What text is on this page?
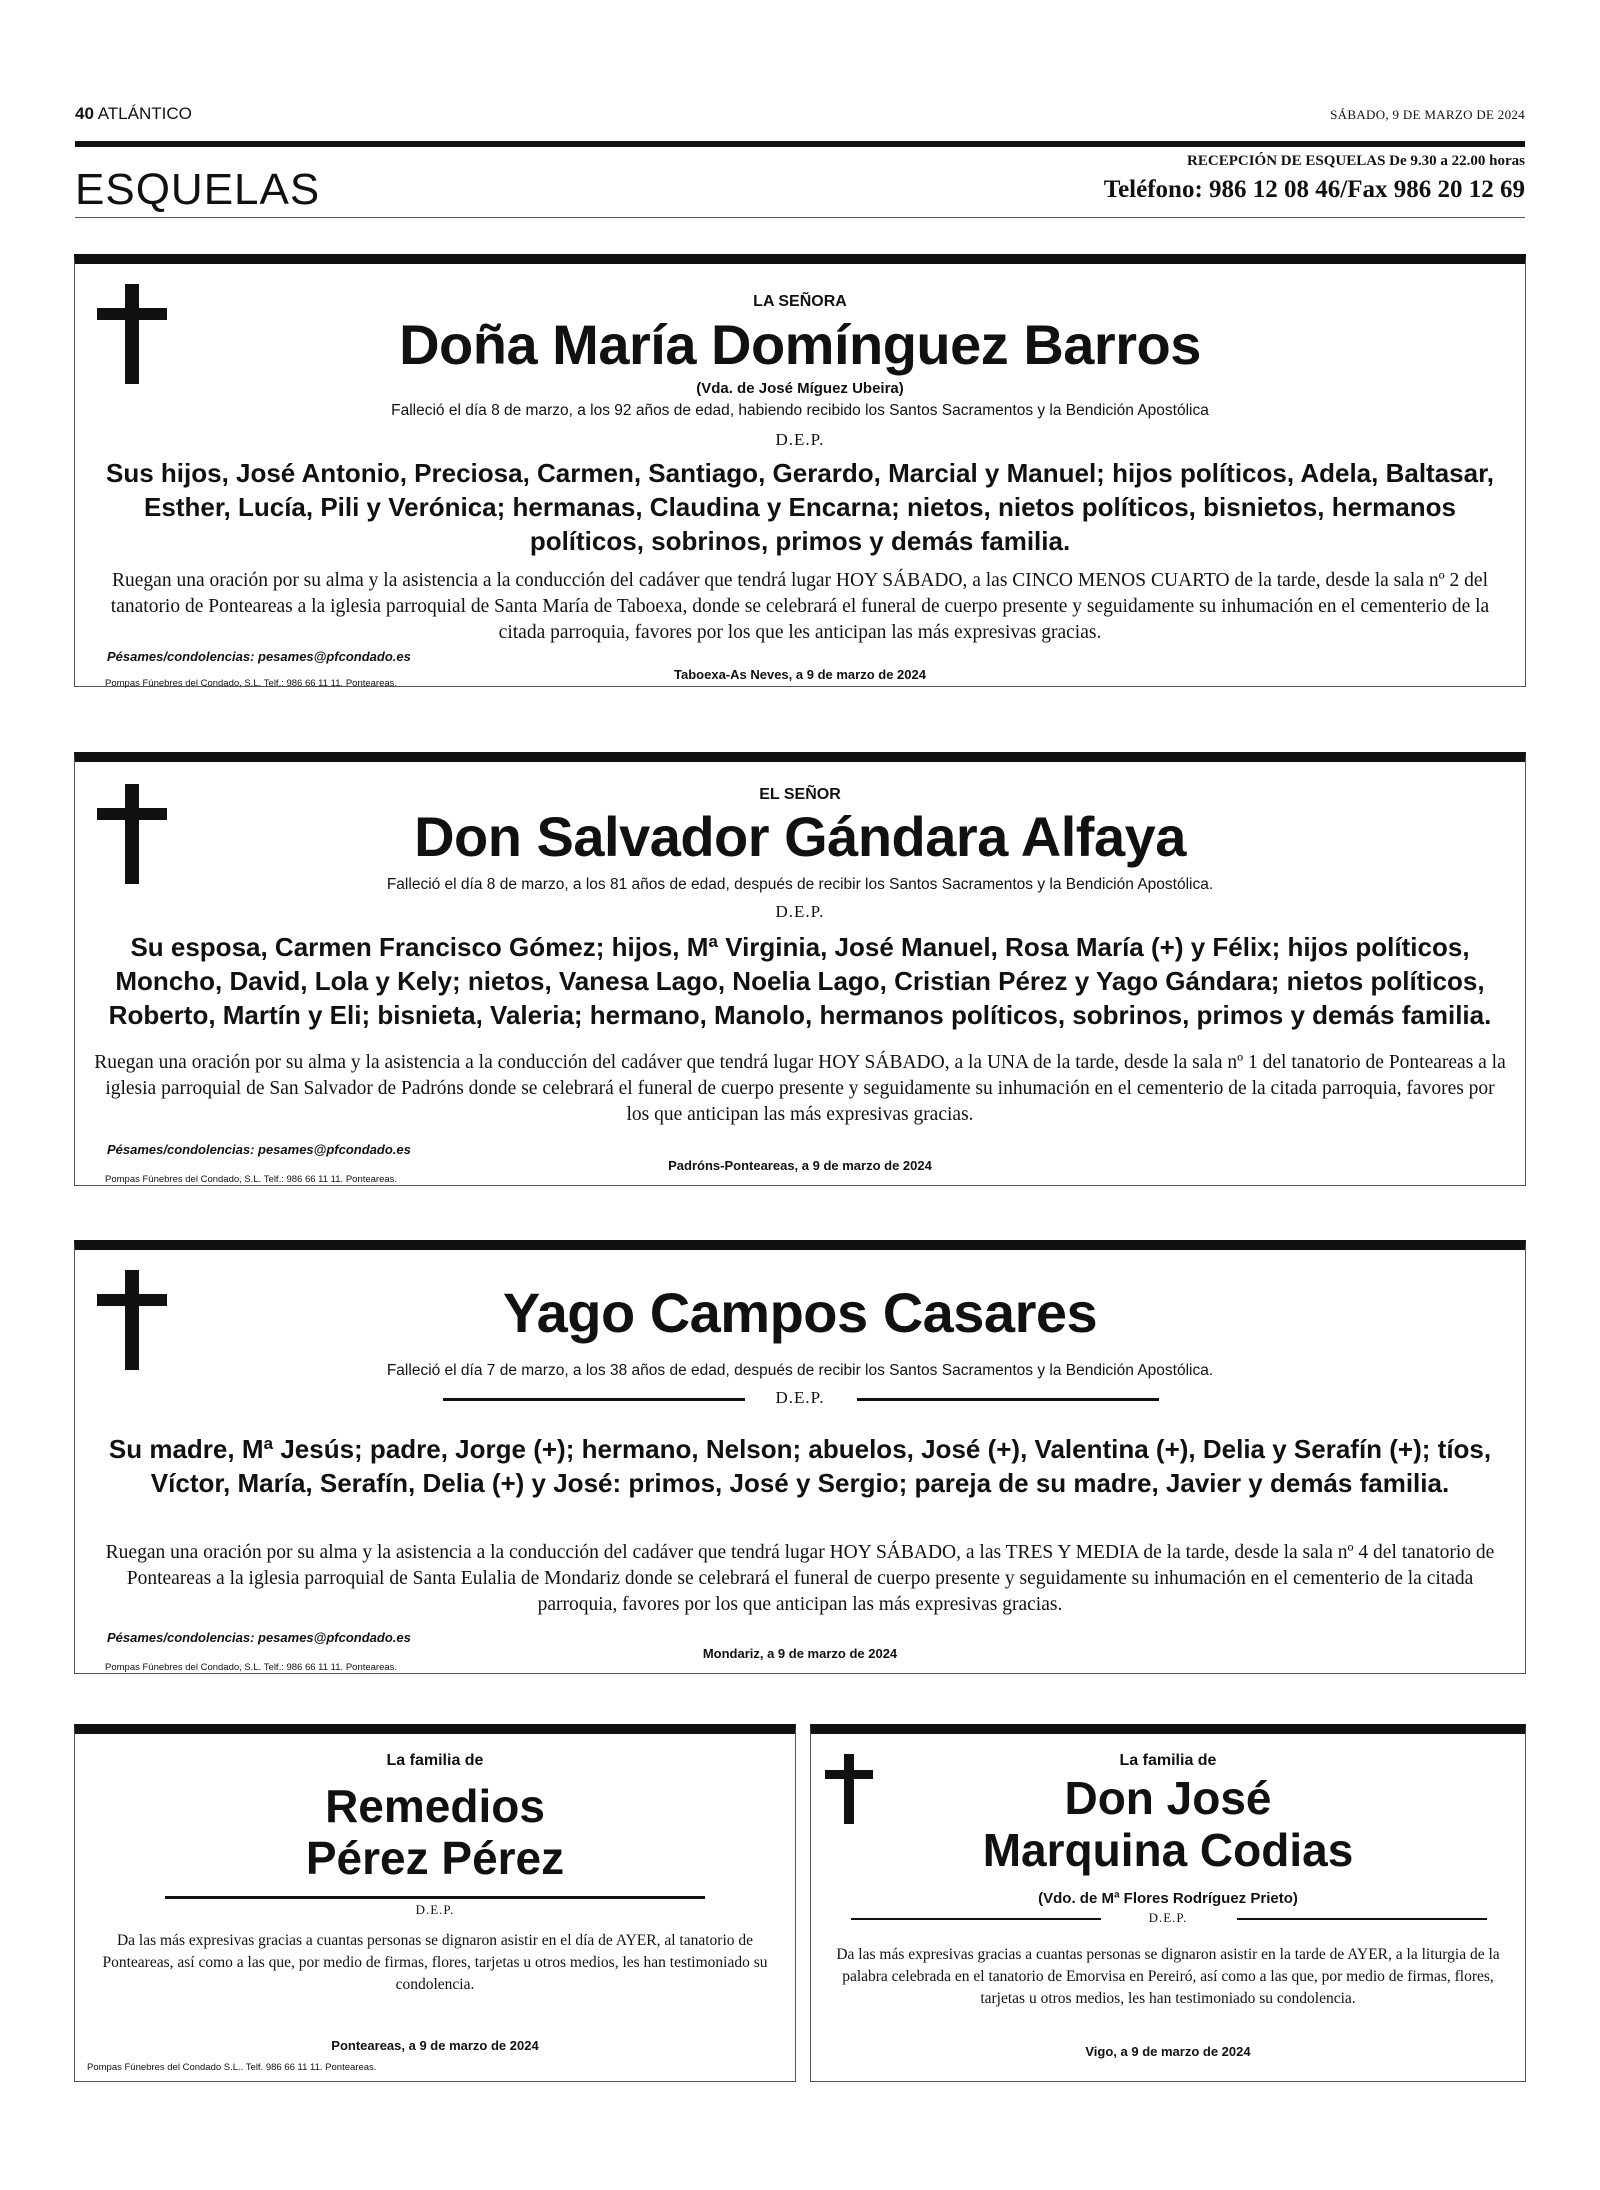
40 ATLÁNTICO	SÁBADO, 9 DE MARZO DE 2024
ESQUELAS
RECEPCIÓN DE ESQUELAS De 9.30 a 22.00 horas
Teléfono: 986 12 08 46/Fax 986 20 12 69
LA SEÑORA
Doña María Domínguez Barros
(Vda. de José Míguez Ubeira)
Falleció el día 8 de marzo, a los 92 años de edad, habiendo recibido los Santos Sacramentos y la Bendición Apostólica
D.E.P.
Sus hijos, José Antonio, Preciosa, Carmen, Santiago, Gerardo, Marcial y Manuel; hijos políticos, Adela, Baltasar, Esther, Lucía, Pili y Verónica; hermanas, Claudina y Encarna; nietos, nietos políticos, bisnietos, hermanos políticos, sobrinos, primos y demás familia.
Ruegan una oración por su alma y la asistencia a la conducción del cadáver que tendrá lugar HOY SÁBADO, a las CINCO MENOS CUARTO de la tarde, desde la sala nº 2 del tanatorio de Ponteareas a la iglesia parroquial de Santa María de Taboexa, donde se celebrará el funeral de cuerpo presente y seguidamente su inhumación en el cementerio de la citada parroquia, favores por los que les anticipan las más expresivas gracias.
Pésames/condolencias: pesames@pfcondado.es
Taboexa-As Neves, a 9 de marzo de 2024
Pompas Fúnebres del Condado, S.L. Telf.: 986 66 11 11. Ponteareas.
EL SEÑOR
Don Salvador Gándara Alfaya
Falleció el día 8 de marzo, a los 81 años de edad, después de recibir los Santos Sacramentos y la Bendición Apostólica.
D.E.P.
Su esposa, Carmen Francisco Gómez; hijos, Mª Virginia, José Manuel, Rosa María (+) y Félix; hijos políticos, Moncho, David, Lola y Kely; nietos, Vanesa Lago, Noelia Lago, Cristian Pérez y Yago Gándara; nietos políticos, Roberto, Martín y Eli; bisnieta, Valeria; hermano, Manolo, hermanos políticos, sobrinos, primos y demás familia.
Ruegan una oración por su alma y la asistencia a la conducción del cadáver que tendrá lugar HOY SÁBADO, a la UNA de la tarde, desde la sala nº 1 del tanatorio de Ponteareas a la iglesia parroquial de San Salvador de Padróns donde se celebrará el funeral de cuerpo presente y seguidamente su inhumación en el cementerio de la citada parroquia, favores por los que anticipan las más expresivas gracias.
Pésames/condolencias: pesames@pfcondado.es
Padróns-Ponteareas, a 9 de marzo de 2024
Pompas Fúnebres del Condado, S.L. Telf.: 986 66 11 11. Ponteareas.
Yago Campos Casares
Falleció el día 7 de marzo, a los 38 años de edad, después de recibir los Santos Sacramentos y la Bendición Apostólica.
D.E.P.
Su madre, Mª Jesús; padre, Jorge (+); hermano, Nelson; abuelos, José (+), Valentina (+), Delia y Serafín (+); tíos, Víctor, María, Serafín, Delia (+) y José: primos, José y Sergio; pareja de su madre, Javier y demás familia.
Ruegan una oración por su alma y la asistencia a la conducción del cadáver que tendrá lugar HOY SÁBADO, a las TRES Y MEDIA de la tarde, desde la sala nº 4 del tanatorio de Ponteareas a la iglesia parroquial de Santa Eulalia de Mondariz donde se celebrará el funeral de cuerpo presente y seguidamente su inhumación en el cementerio de la citada parroquia, favores por los que anticipan las más expresivas gracias.
Pésames/condolencias: pesames@pfcondado.es
Mondariz, a 9 de marzo de 2024
Pompas Fúnebres del Condado, S.L. Telf.: 986 66 11 11. Ponteareas.
La familia de
Remedios
Pérez Pérez
D.E.P.
Da las más expresivas gracias a cuantas personas se dignaron asistir en el día de AYER, al tanatorio de Ponteareas, así como a las que, por medio de firmas, flores, tarjetas u otros medios, les han testimoniado su condolencia.
Ponteareas, a 9 de marzo de 2024
Pompas Fúnebres del Condado S.L.. Telf. 986 66 11 11. Ponteareas.
La familia de
Don José
Marquina Codias
(Vdo. de Mª Flores Rodríguez Prieto)
D.E.P.
Da las más expresivas gracias a cuantas personas se dignaron asistir en la tarde de AYER, a la liturgia de la palabra celebrada en el tanatorio de Emorvisa en Pereiró, así como a las que, por medio de firmas, flores, tarjetas u otros medios, les han testimoniado su condolencia.
Vigo, a 9 de marzo de 2024
